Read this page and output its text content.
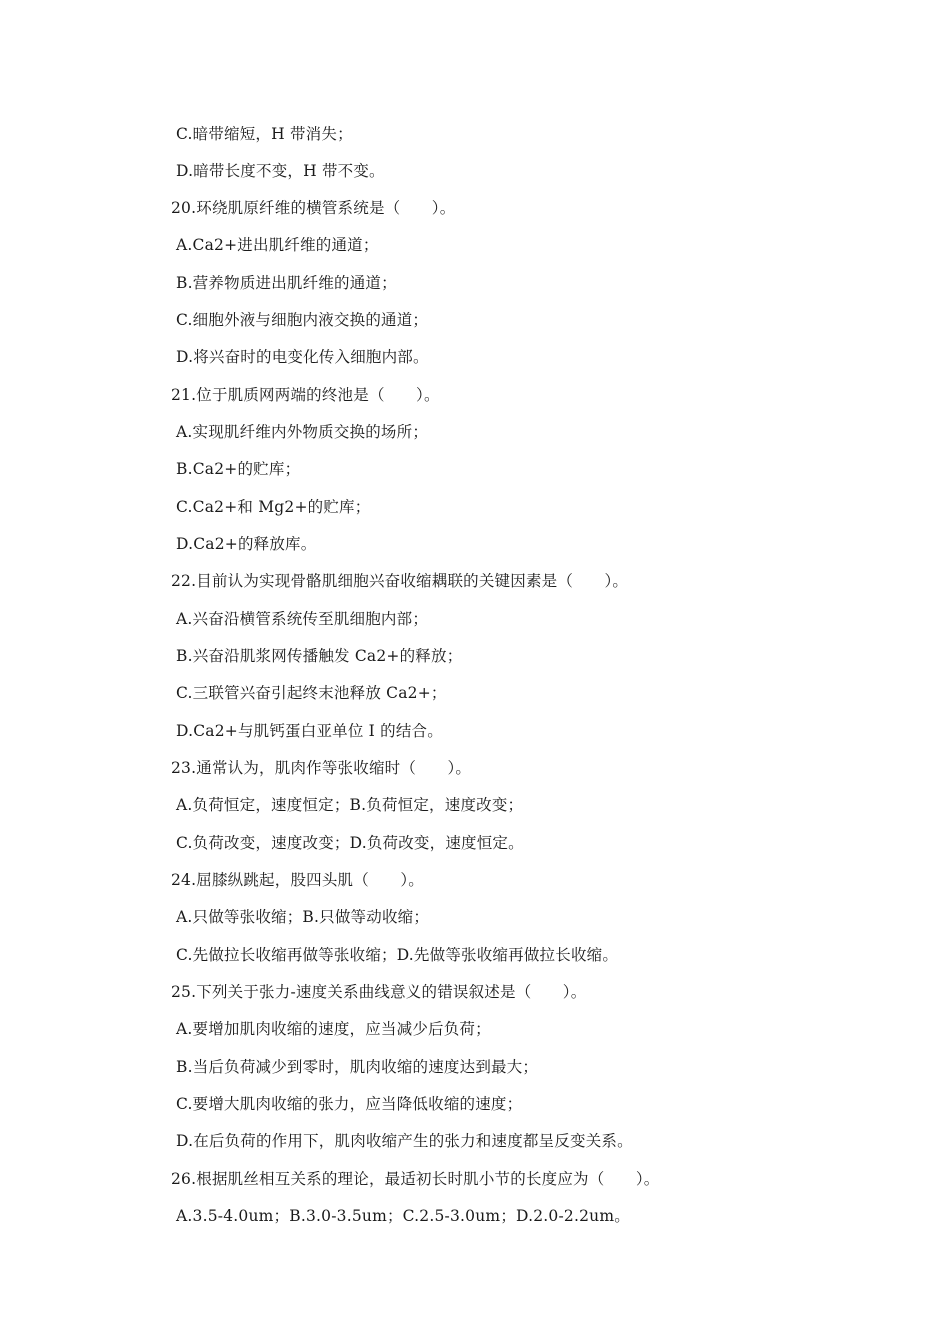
C.暗带缩短，H 带消失；
D.暗带长度不变，H 带不变。
20.环绕肌原纤维的横管系统是（　　）。
A.Ca2+进出肌纤维的通道；
B.营养物质进出肌纤维的通道；
C.细胞外液与细胞内液交换的通道；
D.将兴奋时的电变化传入细胞内部。
21.位于肌质网两端的终池是（　　）。
A.实现肌纤维内外物质交换的场所；
B.Ca2+的贮库；
C.Ca2+和 Mg2+的贮库；
D.Ca2+的释放库。
22.目前认为实现骨骼肌细胞兴奋收缩耦联的关键因素是（　　）。
A.兴奋沿横管系统传至肌细胞内部；
B.兴奋沿肌浆网传播触发 Ca2+的释放；
C.三联管兴奋引起终末池释放 Ca2+；
D.Ca2+与肌钙蛋白亚单位 I 的结合。
23.通常认为，肌肉作等张收缩时（　　）。
A.负荷恒定，速度恒定；B.负荷恒定，速度改变；
C.负荷改变，速度改变；D.负荷改变，速度恒定。
24.屈膝纵跳起，股四头肌（　　）。
A.只做等张收缩；B.只做等动收缩；
C.先做拉长收缩再做等张收缩；D.先做等张收缩再做拉长收缩。
25.下列关于张力-速度关系曲线意义的错误叙述是（　　）。
A.要增加肌肉收缩的速度，应当减少后负荷；
B.当后负荷减少到零时，肌肉收缩的速度达到最大；
C.要增大肌肉收缩的张力，应当降低收缩的速度；
D.在后负荷的作用下，肌肉收缩产生的张力和速度都呈反变关系。
26.根据肌丝相互关系的理论，最适初长时肌小节的长度应为（　　）。
A.3.5-4.0um；B.3.0-3.5um；C.2.5-3.0um；D.2.0-2.2um。
